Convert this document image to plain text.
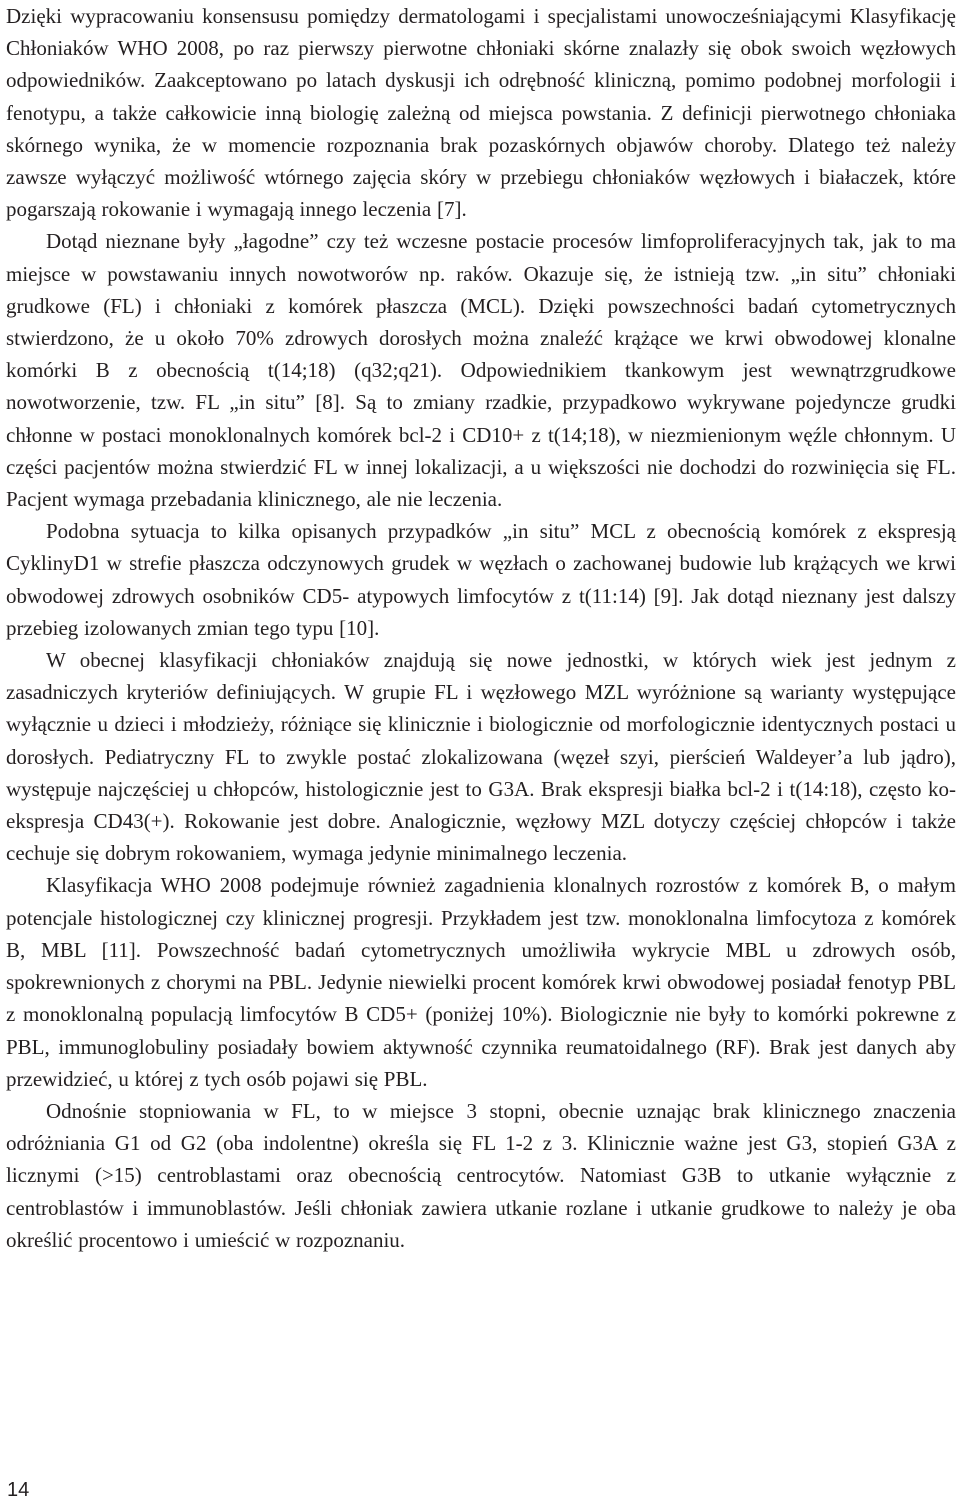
Dzięki wypracowaniu konsensusu pomiędzy dermatologami i specjalistami unowocześniającymi Klasyfikację Chłoniaków WHO 2008, po raz pierwszy pierwotne chłoniaki skórne znalazły się obok swoich węzłowych odpowiedników. Zaakceptowano po latach dyskusji ich odrębność kliniczną, pomimo podobnej morfologii i fenotypu, a także całkowicie inną biologię zależną od miejsca powstania. Z definicji pierwotnego chłoniaka skórnego wynika, że w momencie rozpoznania brak pozaskórnych objawów choroby. Dlatego też należy zawsze wyłączyć możliwość wtórnego zajęcia skóry w przebiegu chłoniaków węzłowych i białaczek, które pogarszają rokowanie i wymagają innego leczenia [7].

Dotąd nieznane były „łagodne” czy też wczesne postacie procesów limfoproliferacyjnych tak, jak to ma miejsce w powstawaniu innych nowotworów np. raków. Okazuje się, że istnieją tzw. „in situ” chłoniaki grudkowe (FL) i chłoniaki z komórek płaszcza (MCL). Dzięki powszechności badań cytometrycznych stwierdzono, że u około 70% zdrowych dorosłych można znaleźć krążące we krwi obwodowej klonalne komórki B z obecnością t(14;18) (q32;q21). Odpowiednikiem tkankowym jest wewnątrzgrudkowe nowotworzenie, tzw. FL „in situ” [8]. Są to zmiany rzadkie, przypadkowo wykrywane pojedyncze grudki chłonne w postaci monoklonalnych komórek bcl-2 i CD10+ z t(14;18), w niezmienionym węźle chłonnym. U części pacjentów można stwierdzić FL w innej lokalizacji, a u większości nie dochodzi do rozwinięcia się FL. Pacjent wymaga przebadania klinicznego, ale nie leczenia.

Podobna sytuacja to kilka opisanych przypadków „in situ” MCL z obecnością komórek z ekspresją CyklinyD1 w strefie płaszcza odczynowych grudek w węzłach o zachowanej budowie lub krążących we krwi obwodowej zdrowych osobników CD5- atypowych limfocytów z t(11:14) [9]. Jak dotąd nieznany jest dalszy przebieg izolowanych zmian tego typu [10].

W obecnej klasyfikacji chłoniaków znajdują się nowe jednostki, w których wiek jest jednym z zasadniczych kryteriów definiujących. W grupie FL i węzłowego MZL wyróżnione są warianty występujące wyłącznie u dzieci i młodzieży, różniące się klinicznie i biologicznie od morfologicznie identycznych postaci u dorosłych. Pediatryczny FL to zwykle postać zlokalizowana (węzeł szyi, pierścień Waldeyer’a lub jądro), występuje najczęściej u chłopców, histologicznie jest to G3A. Brak ekspresji białka bcl-2 i t(14:18), często ko-ekspresja CD43(+). Rokowanie jest dobre. Analogicznie, węzłowy MZL dotyczy częściej chłopców i także cechuje się dobrym rokowaniem, wymaga jedynie minimalnego leczenia.

Klasyfikacja WHO 2008 podejmuje również zagadnienia klonalnych rozrostów z komórek B, o małym potencjale histologicznej czy klinicznej progresji. Przykładem jest tzw. monoklonalna limfocytoza z komórek B, MBL [11]. Powszechność badań cytometrycznych umożliwiła wykrycie MBL u zdrowych osób, spokrewnionych z chorymi na PBL. Jedynie niewielki procent komórek krwi obwodowej posiadał fenotyp PBL z monoklonalną populacją limfocytów B CD5+ (poniżej 10%). Biologicznie nie były to komórki pokrewne z PBL, immunoglobuliny posiadały bowiem aktywność czynnika reumatoidalnego (RF). Brak jest danych aby przewidzieć, u której z tych osób pojawi się PBL.

Odnośnie stopniowania w FL, to w miejsce 3 stopni, obecnie uznając brak klinicznego znaczenia odróżniania G1 od G2 (oba indolentne) określa się FL 1-2 z 3. Klinicznie ważne jest G3, stopień G3A z licznymi (>15) centroblastami oraz obecnością centrocytów. Natomiast G3B to utkanie wyłącznie z centroblastów i immunoblastów. Jeśli chłoniak zawiera utkanie rozlane i utkanie grudkowe to należy je oba określić procentowo i umieścić w rozpoznaniu.

14
